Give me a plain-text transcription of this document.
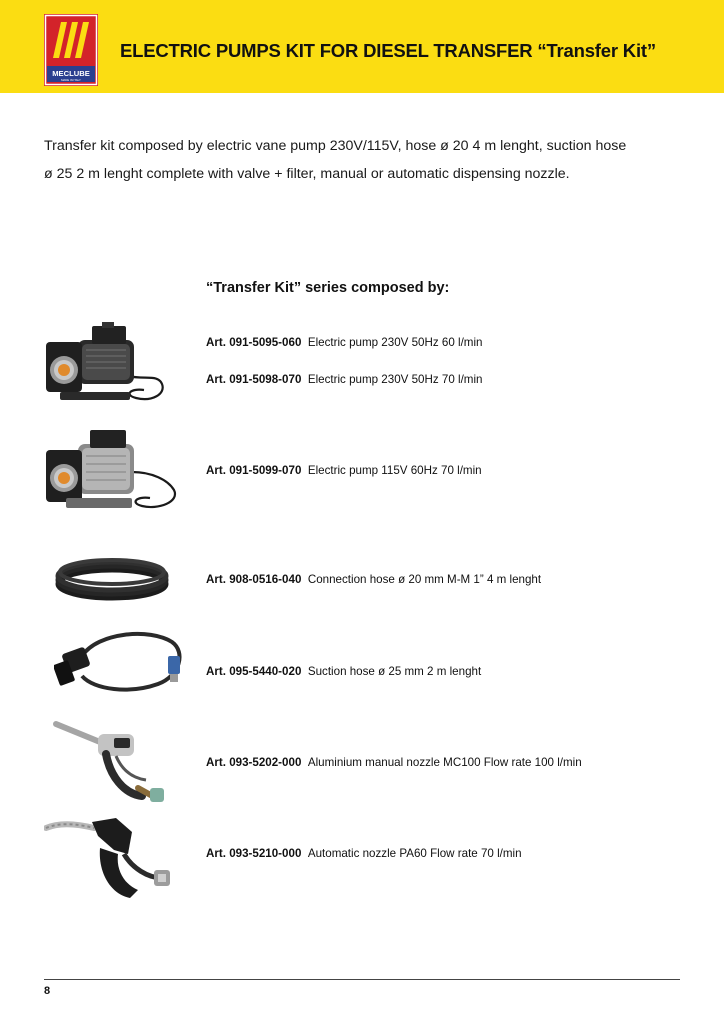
MECLUBE
MADE IN ITALY
ELECTRIC PUMPS KIT FOR DIESEL TRANSFER “Transfer Kit”

Transfer kit composed by electric vane pump 230V/115V, hose ø 20 4 m lenght, suction hose

ø 25 2 m lenght complete with valve + filter, manual or automatic dispensing nozzle.

“Transfer Kit” series composed by:
Art. 091-5095-060 Electric pump 230V 50Hz 60 l/min
Art. 091-5098-070 Electric pump 230V 50Hz 70 l/min
Art. 091-5099-070 Electric pump 115V 60Hz 70 l/min
Art. 908-0516-040 Connection hose ø 20 mm M-M 1” 4 m lenght
Art. 095-5440-020 Suction hose ø 25 mm 2 m lenght
Art. 093-5202-000 Aluminium manual nozzle MC100 Flow rate 100 l/min
Art. 093-5210-000 Automatic nozzle PA60 Flow rate 70 l/min
8
